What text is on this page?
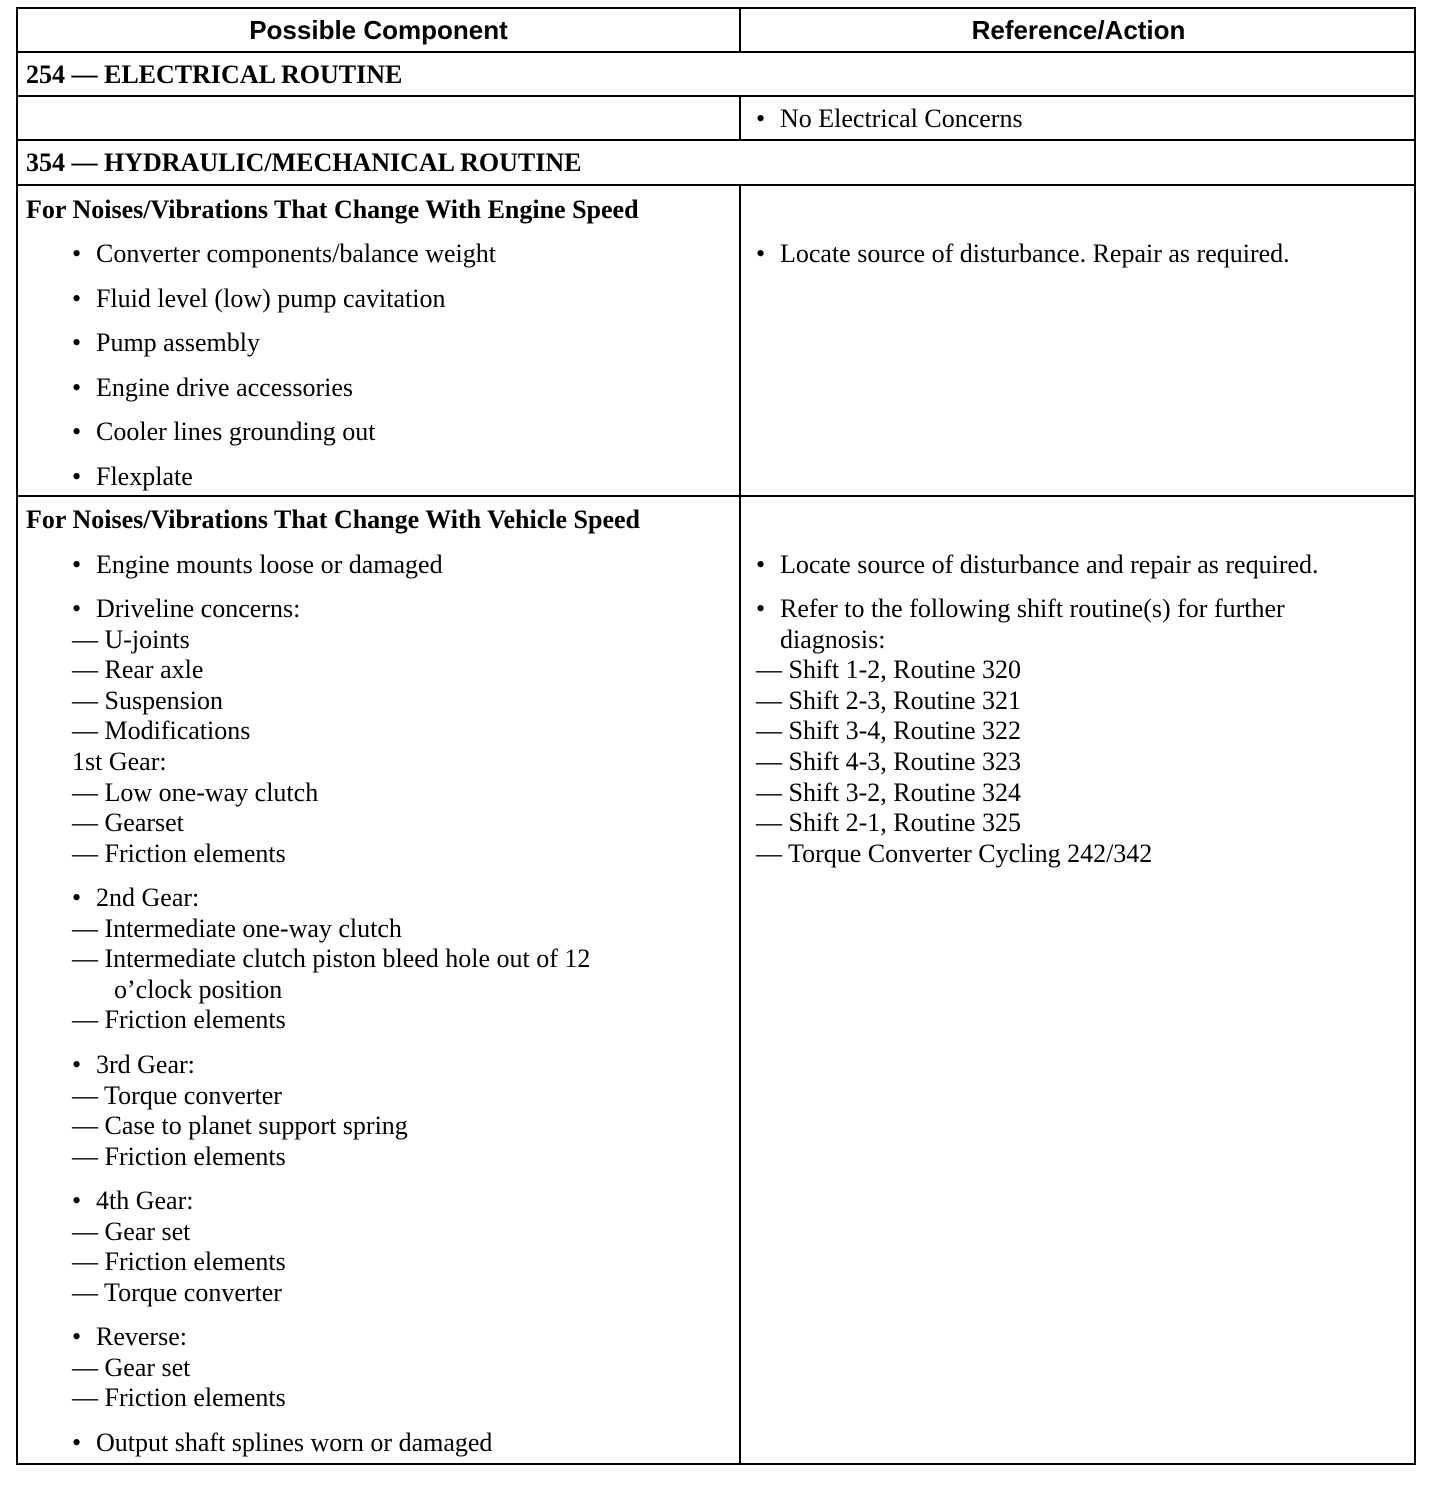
Possible Component	Reference/Action
254 — ELECTRICAL ROUTINE
• No Electrical Concerns
354 — HYDRAULIC/MECHANICAL ROUTINE
For Noises/Vibrations That Change With Engine Speed
• Converter components/balance weight
• Fluid level (low) pump cavitation
• Pump assembly
• Engine drive accessories
• Cooler lines grounding out
• Flexplate
• Locate source of disturbance. Repair as required.
For Noises/Vibrations That Change With Vehicle Speed
• Engine mounts loose or damaged
• Driveline concerns:
— U-joints
— Rear axle
— Suspension
— Modifications
1st Gear:
— Low one-way clutch
— Gearset
— Friction elements
• 2nd Gear:
— Intermediate one-way clutch
— Intermediate clutch piston bleed hole out of 12
o’clock position
— Friction elements
• 3rd Gear:
— Torque converter
— Case to planet support spring
— Friction elements
• 4th Gear:
— Gear set
— Friction elements
— Torque converter
• Reverse:
— Gear set
— Friction elements
• Output shaft splines worn or damaged
• Locate source of disturbance and repair as required.
• Refer to the following shift routine(s) for further
diagnosis:
— Shift 1-2, Routine 320
— Shift 2-3, Routine 321
— Shift 3-4, Routine 322
— Shift 4-3, Routine 323
— Shift 3-2, Routine 324
— Shift 2-1, Routine 325
— Torque Converter Cycling 242/342
